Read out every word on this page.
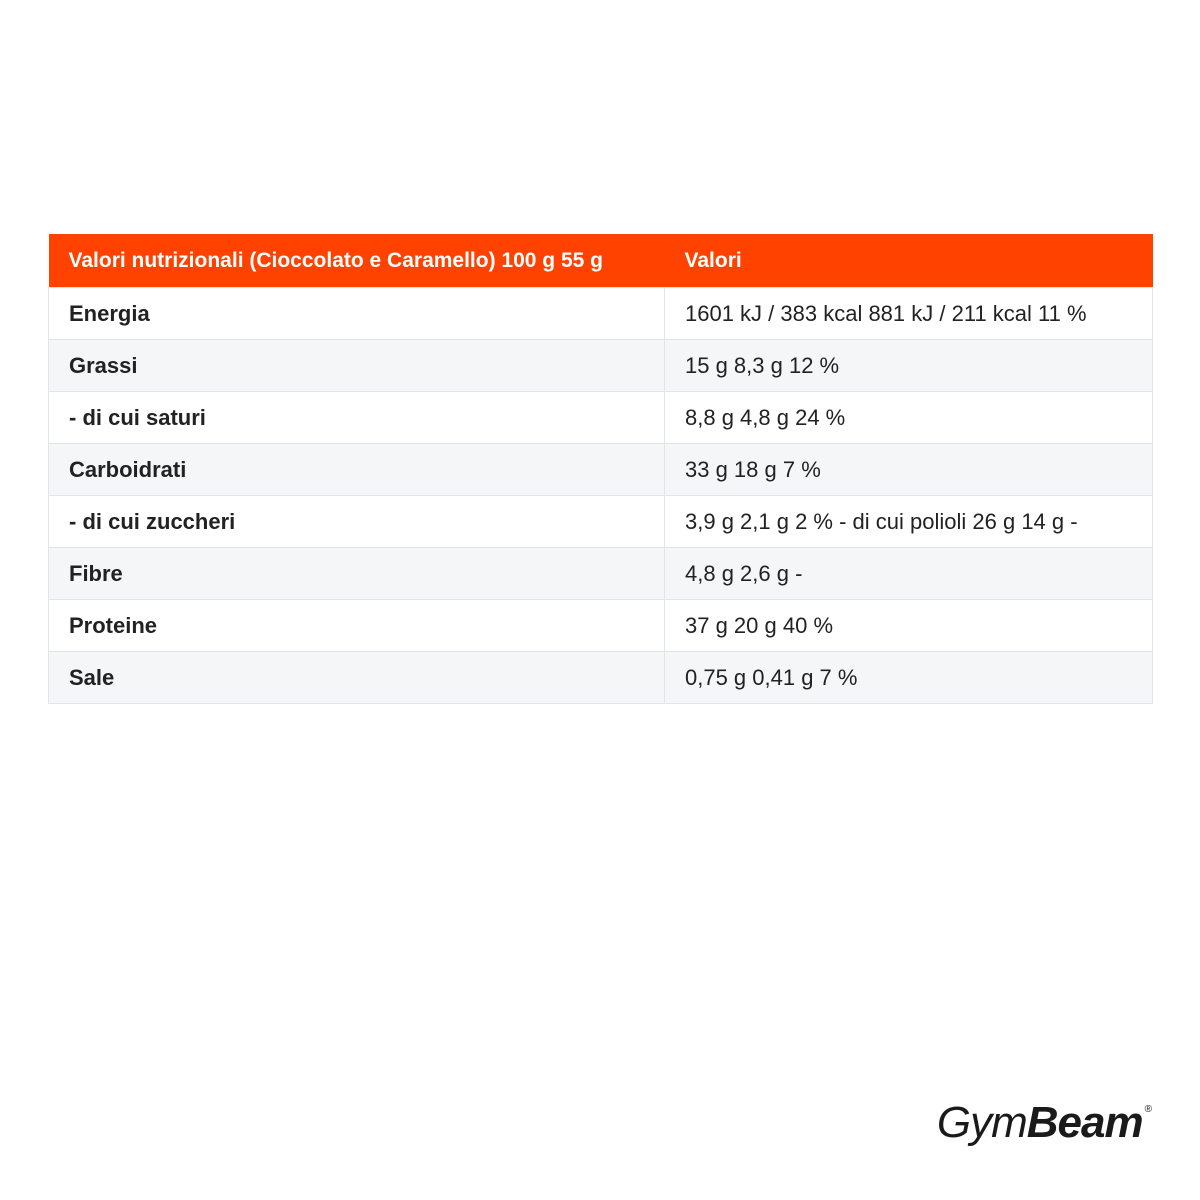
Valori nutrizionali (Cioccolato e Caramello) 100 g 55 g	Valori
Energia	1601 kJ / 383 kcal 881 kJ / 211 kcal 11 %
Grassi	15 g 8,3 g 12 %
- di cui saturi	8,8 g 4,8 g 24 %
Carboidrati	33 g 18 g 7 %
- di cui zuccheri	3,9 g 2,1 g 2 % - di cui polioli 26 g 14 g -
Fibre	4,8 g 2,6 g -
Proteine	37 g 20 g 40 %
Sale	0,75 g 0,41 g 7 %
Gym Beam ®
